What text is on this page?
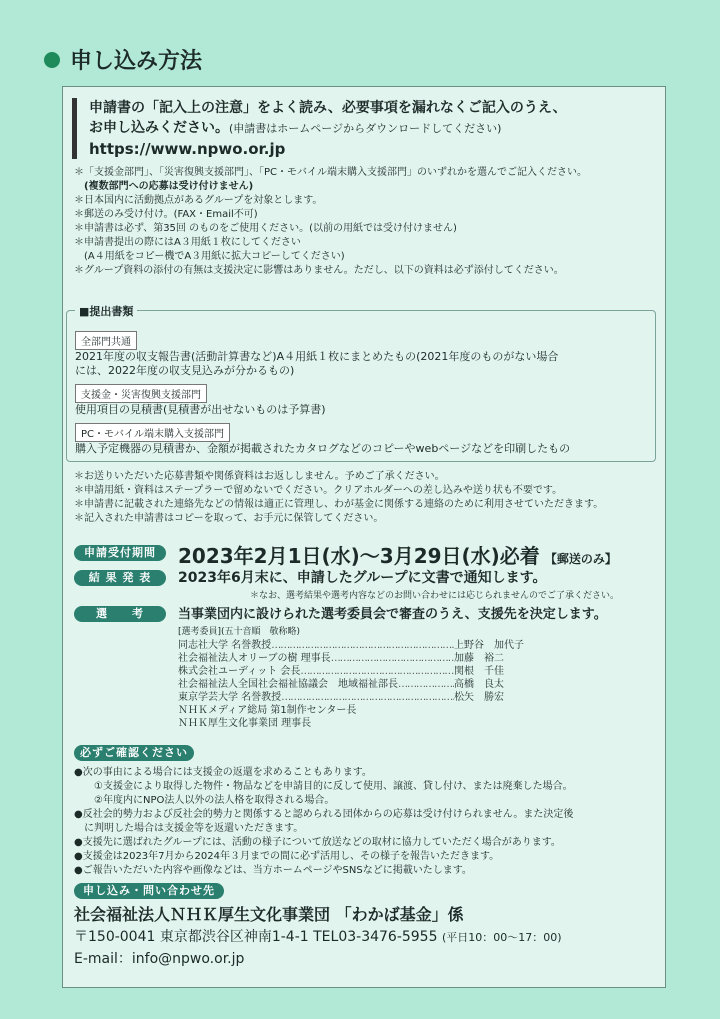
申し込み方法
申請書の「記入上の注意」をよく読み、必要事項を漏れなくご記入のうえ、
お申し込みください。(申請書はホームページからダウンロードしてください)
https://www.npwo.or.jp
＊「支援金部門」、「災害復興支援部門」、「PC・モバイル端末購入支援部門」のいずれかを選んでご記入ください。
　(複数部門への応募は受け付けません)
＊日本国内に活動拠点があるグループを対象とします。
＊郵送のみ受け付け。(FAX・Email不可)
＊申請書は必ず、第35回 のものをご使用ください。(以前の用紙では受け付けません)
＊申請書提出の際にはA３用紙１枚にしてください
　(A４用紙をコピー機でA３用紙に拡大コピーしてください)
＊グループ資料の添付の有無は支援決定に影響はありません。ただし、以下の資料は必ず添付してください。
■提出書類
全部門共通
2021年度の収支報告書(活動計算書など)A４用紙１枚にまとめたもの(2021年度のものがない場合
には、2022年度の収支見込みが分かるもの)
支援金・災害復興支援部門
使用項目の見積書(見積書が出せないものは予算書)
PC・モバイル端末購入支援部門
購入予定機器の見積書か、金額が掲載されたカタログなどのコピーやwebページなどを印刷したもの
＊お送りいただいた応募書類や関係資料はお返ししません。予めご了承ください。
＊申請用紙・資料はステープラーで留めないでください。クリアホルダーへの差し込みや送り状も不要です。
＊申請書に記載された連絡先などの情報は適正に管理し、わが基金に関係する連絡のために利用させていただきます。
＊記入された申請書はコピーを取って、お手元に保管してください。
申請受付期間	2023年2月1日(水)〜3月29日(水)必着 【郵送のみ】
結 果 発 表	2023年6月末に、申請したグループに文書で通知します。
＊なお、選考結果や選考内容などのお問い合わせには応じられませんのでご了承ください。
選　　考	当事業団内に設けられた選考委員会で審査のうえ、支援先を決定します。
[選考委員](五十音順　敬称略)
同志社大学 名誉教授 ……………………………………………………………………	上野谷　加代子
社会福祉法人オリーブの樹 理事長 ……………………………………………………………………	加藤　裕二
株式会社ユーディット 会長 ……………………………………………………………………	関根　千佳
社会福祉法人全国社会福祉協議会　地域福祉部長 ……………………………………………………………………	高橋　良太
東京学芸大学 名誉教授 ……………………………………………………………………	松矢　勝宏
ＮＨＫメディア総局 第1制作センター長
ＮＨＫ厚生文化事業団 理事長
必ずご確認ください
●次の事由による場合には支援金の返還を求めることもあります。
　　①支援金により取得した物件・物品などを申請目的に反して使用、譲渡、貸し付け、または廃棄した場合。
　　②年度内にNPO法人以外の法人格を取得される場合。
●反社会的勢力および反社会的勢力と関係すると認められる団体からの応募は受け付けられません。また決定後
　に判明した場合は支援金等を返還いただきます。
●支援先に選ばれたグループには、活動の様子について放送などの取材に協力していただく場合があります。
●支援金は2023年7月から2024年３月までの間に必ず活用し、その様子を報告いただきます。
●ご報告いただいた内容や画像などは、当方ホームページやSNSなどに掲載いたします。
申し込み・問い合わせ先
社会福祉法人ＮＨＫ厚生文化事業団 「わかば基金」係
〒150-0041 東京都渋谷区神南1-4-1 TEL03-3476-5955 (平日10：00〜17：00)
E-mail：info@npwo.or.jp
